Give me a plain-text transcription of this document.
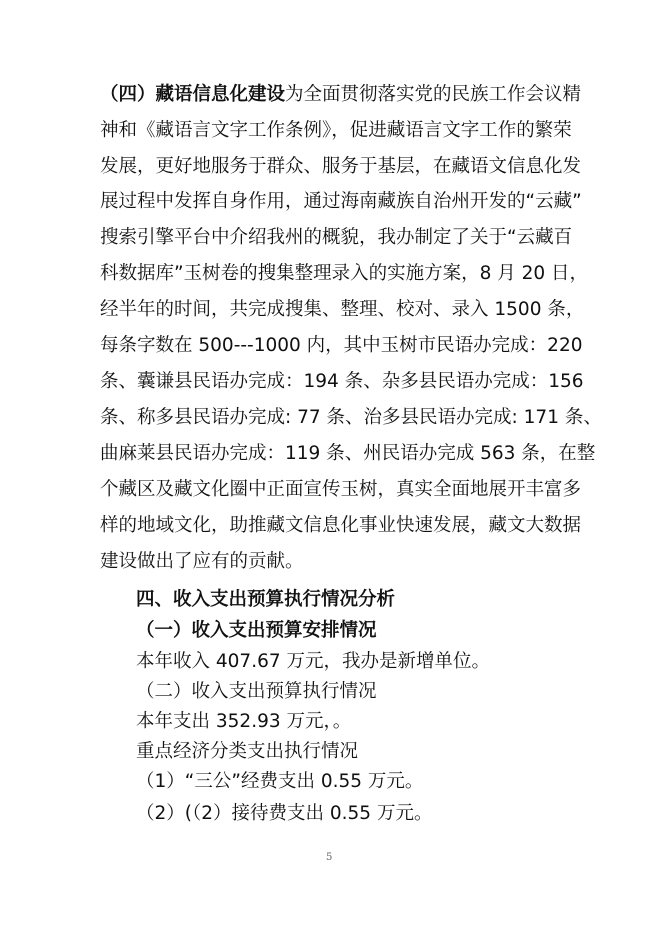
（四）藏语信息化建设为全面贯彻落实党的民族工作会议精
神和《藏语言文字工作条例》，促进藏语言文字工作的繁荣
发展，更好地服务于群众、服务于基层，在藏语文信息化发
展过程中发挥自身作用，通过海南藏族自治州开发的“云藏”
搜索引擎平台中介绍我州的概貌，我办制定了关于“云藏百
科数据库”玉树卷的搜集整理录入的实施方案，8 月 20 日，
经半年的时间，共完成搜集、整理、校对、录入 1500 条，
每条字数在 500---1000 内，其中玉树市民语办完成：220
条、囊谦县民语办完成：194 条、杂多县民语办完成：156
条、称多县民语办完成: 77 条、治多县民语办完成: 171 条、
曲麻莱县民语办完成：119 条、州民语办完成 563 条，在整
个藏区及藏文化圈中正面宣传玉树，真实全面地展开丰富多
样的地域文化，助推藏文信息化事业快速发展，藏文大数据
建设做出了应有的贡献。
四、收入支出预算执行情况分析
（一）收入支出预算安排情况
本年收入 407.67 万元，我办是新增单位。
（二）收入支出预算执行情况
本年支出 352.93 万元，。
重点经济分类支出执行情况
（1）“三公”经费支出 0.55 万元。
（2）(（2）接待费支出 0.55 万元。
5
